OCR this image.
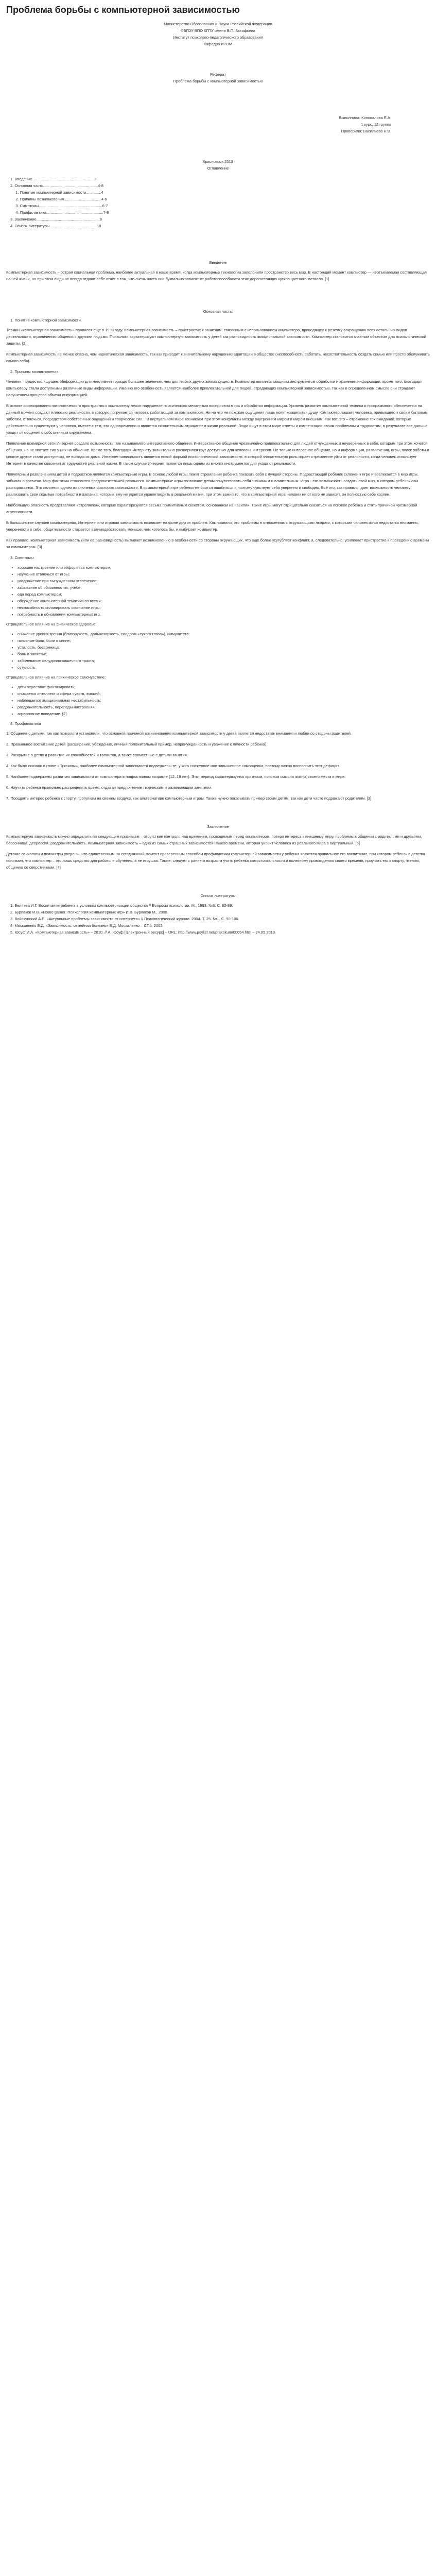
Проблема борьбы с компьютерной зависимостью
Министерство Образования и Науки Российской Федерации
ФБГОУ ВПО КГПУ имени В.П. Астафьева
Институт психолого-педагогического образования
Кафедра ИТОМ
Реферат
Проблема борьбы с компьютерной зависимостью
Выполнила: Коновалова Е.А.
1 курс, 12 группа
Проверила: Васильева Н.В.
Красноярск 2013
Оглавление
1. Введение..........................................................3
2. Основная часть...................................................4-8
1. Понятие компьютерной зависимости..............4
2. Причины возникновения...................................4-6
3. Симптомы...........................................................6-7
4. Профилактика.....................................................7-8
3. Заключение...........................................................9
4. Список литературы............................................10
Введение

Компьютерная зависимость – острая социальная проблема, наиболее актуальная в наше время, когда компьютерные технологии заполонили пространство весь мир. В настоящий момент компьютер — неотъемлемая составляющая нашей жизни, но при этом люди не всегда отдают себе отчет в том, что очень часто они буквально зависят от работоспособности этих дорогостоящих кусков цветного металла. [1]

Основная часть:
1. Понятие компьютерной зависимости.

Термин «компьютерная зависимость» появился еще в 1990 году. Компьютерная зависимость – пристрастие к занятиям, связанным с использованием компьютера, приводящее к резкому сокращению всех остальных видов деятельности, ограничению общения с другими людьми. Психологи характеризуют компьютерную зависимость у детей как разновидность эмоциональной зависимости. Компьютер становится главным объектом для психологической защиты. [2]

Компьютерная зависимость не менее опасна, чем наркотическая зависимость, так как приводит к значительному нарушению адаптации в обществе (неспособность работать, несостоятельность создать семью или просто обслуживать самого себя).

2. Причины возникновения

Человек – существо ищущее. Информация для него имеет гораздо большее значение, чем для любых других живых существ. Компьютер является мощным инструментом обработки и хранения информации, кроме того, благодаря компьютеру стали доступными различные виды информации. Именно его особенность является наиболее привлекательной для людей, страдающих компьютерной зависимостью, так как в определенном смысле они страдают нарушением процесса обмена информацией.

В основе формирования патологического пристрастия к компьютеру лежит нарушение психического механизма восприятия мира и обработки информации. Уровень развития компьютерной техники и программного обеспечения на данный момент создают иллюзию реальности, в которую погружается человек, работающий за компьютером. Ни на что не похожие ощущения лишь могут «зацепить» душу. Компьютер лишает человека, привыкшего к своим бытовым заботам, отвлечься, посредством собственных ощущений и творческих сил... В виртуальном мире возникают при этом конфликты между внутренним миром и миром внешним. Так вот, это – отражение тех ожиданий, которые действительно существуют у человека, вместе с тем, это одновременно и является сознательным отрицанием жизни реальной. Люди ищут в этом мире ответы и компенсации своим проблемам и трудностям, в результате все дальше уходят от общения с собственным окружением.

Появление всемирной сети Интернет создало возможность, так называемого интерактивного общения. Интерактивное общение чрезвычайно привлекательно для людей отчужденных и неуверенных в себе, которым при этом хочется общения, но не хватает сил у них на общение. Кроме того, благодаря Интернету значительно расширился круг доступных для человека интересов. Не только интересное общение, но и информация, развлечения, игры, поиск работы и многое другое стало доступным, не выходя из дома. Интернет-зависимость является новой формой психологической зависимости, в которой значительную роль играет стремление уйти от реальности, когда человек использует Интернет в качестве спасения от трудностей реальной жизни. В таком случае Интернет является лишь одним из многих инструментов для ухода от реальности.

Популярным развлечением детей и подростков являются компьютерные игры. В основе любой игры лежит стремление ребенка показать себя с лучшей стороны. Подрастающий ребенок склонен к игре и вовлекается в мир игры, забывая о времени. Мир фантазии становится предпочтительней реального. Компьютерные игры позволяют детям почувствовать себя значимым и влиятельным. Игра - это возможность создать свой мир, в котором ребенок сам распоряжается. Это является одним из ключевых факторов зависимости. В компьютерной игре ребенок не боится ошибиться и поэтому чувствует себя уверенно и свободно. Всё это, как правило, дает возможность человеку реализовать свои скрытые потребности и желания, которые ему не удается удовлетворить в реальной жизни, при этом важно то, что в компьютерной игре человек ни от кого не зависит, он полностью себе хозяин.

Наибольшую опасность представляют «стрелялки», которые характеризуются весьма примитивным сюжетом, основанном на насилии. Такие игры могут отрицательно сказаться на психике ребенка и стать причиной чрезмерной агрессивности.

В большинстве случаев компьютерная, Интернет- или игровая зависимость возникает на фоне других проблем. Как правило, это проблемы в отношениях с окружающими людьми, с которыми человек из-за недостатка внимания, уверенности в себе, общительности старается взаимодействовать меньше, чем хотелось бы, и выбирает компьютер.

Как правило, компьютерная зависимость (или ее разновидность) вызывает возникновению в особенности со стороны окружающих, что еще более усугубляет конфликт, а, следовательно, усиливает пристрастие к проведению времени за компьютером. [3]

3. Симптомы
• хорошее настроение или эйфория за компьютером;
• неумение отвлечься от игры;
• раздражение при вынужденном отвлечении;
• забывание об обязанностях, учебе;
• еда перед компьютером;
• обсуждение компьютерной тематики со всеми;
• неспособность спланировать окончание игры;
• потребность в обновлении компьютерных игр.
Отрицательное влияние на физическое здоровье:
• снижение уровня зрения (близорукость, дальнозоркость, синдром «сухого глаза»), иммунитета;
• головные боли, боли в спине;
• усталость, бессонница;
• боль в запястье;
• заболевание желудочно-кишечного тракта;
• сутулость.
Отрицательное влияние на психическое самочувствие:
• дети перестают фантазировать;
• снижается интеллект и сфера чувств, эмоций;
• наблюдается эмоциональная нестабильность;
• раздражительность, перепады настроения;
• агрессивное поведение. [2]
4. Профилактика

1. Общение с детьми, так как психологи установили, что основной причиной возникновения компьютерной зависимости у детей является недостаток внимания и любви со стороны родителей.

2. Правильное воспитание детей (расширение, убеждение, личный положительный пример, непринужденность и уважение к личности ребенка).

3. Раскрытие в детях и развитие их способностей и талантов, а также совместные с детьми занятия.

4. Как было сказано в главе «Причины», наиболее компьютерной зависимости подвержены те, у кого сниженное или завышенное самооценка, поэтому важно восполнить этот дефицит.

5. Наиболее подвержены развитию зависимости от компьютера в подростковом возрасте (12–18 лет). Этот период характеризуется кризисом, поиском смысла жизни, своего места в мире.

6. Научить ребенка правильно распределять время, отдавая предпочтение творческим и развивающим занятиям.

7. Поощрять интерес ребенка к спорту, прогулкам на свежем воздухе, как альтернативе компьютерным играм. Также нужно показывать пример своим детям, так как дети часто подражают родителям. [3]

Заключение

Компьютерную зависимость можно определить по следующим признакам – отсутствие контроля над временем, проводимым перед компьютером, потеря интереса к внешнему миру, проблемы в общении с родителями и друзьями, бессонница, депрессия, раздражительность. Компьютерная зависимость – одна из самых страшных зависимостей нашего времени, которая уносит человека из реального мира в виртуальный. [5]

Детские психологи и психиатры уверены, что единственным на сегодняшний момент проверенным способом профилактики компьютерной зависимости у ребенка является правильное его воспитание, при котором ребенок с детства понимает, что компьютер – это лишь средство для работы и обучения, а не игрушка. Также, следует с раннего возраста учить ребенка самостоятельности и полезному провождению своего времени, приучать его к спорту, чтению, общению со сверстниками. [4]

Список литературы
1. Беляева И.Г. Воспитание ребенка в условиях компьютеризации общества // Вопросы психологии. М., 1993. №3. С. 82-89.
2. Бурлаков И.В. «Homo gamer: Психология компьютерных игр» И.В. Бурлаков М., 2000.
3. Войскунский А.Е. «Актуальные проблемы зависимости от интернета» // Психологический журнал. 2004. Т. 25. №1. С. 90-100.
4. Москаленко В.Д. «Зависимость: семейная болезнь» В.Д. Москаленко – СПб, 2002.
5. Юсуф И.А. «Компьютерная зависимость» – 2010. // А. Юсуф [Электронный ресурс] – URL: http://www.psylist.net/praktikum/00064.htm – 24.05.2013
